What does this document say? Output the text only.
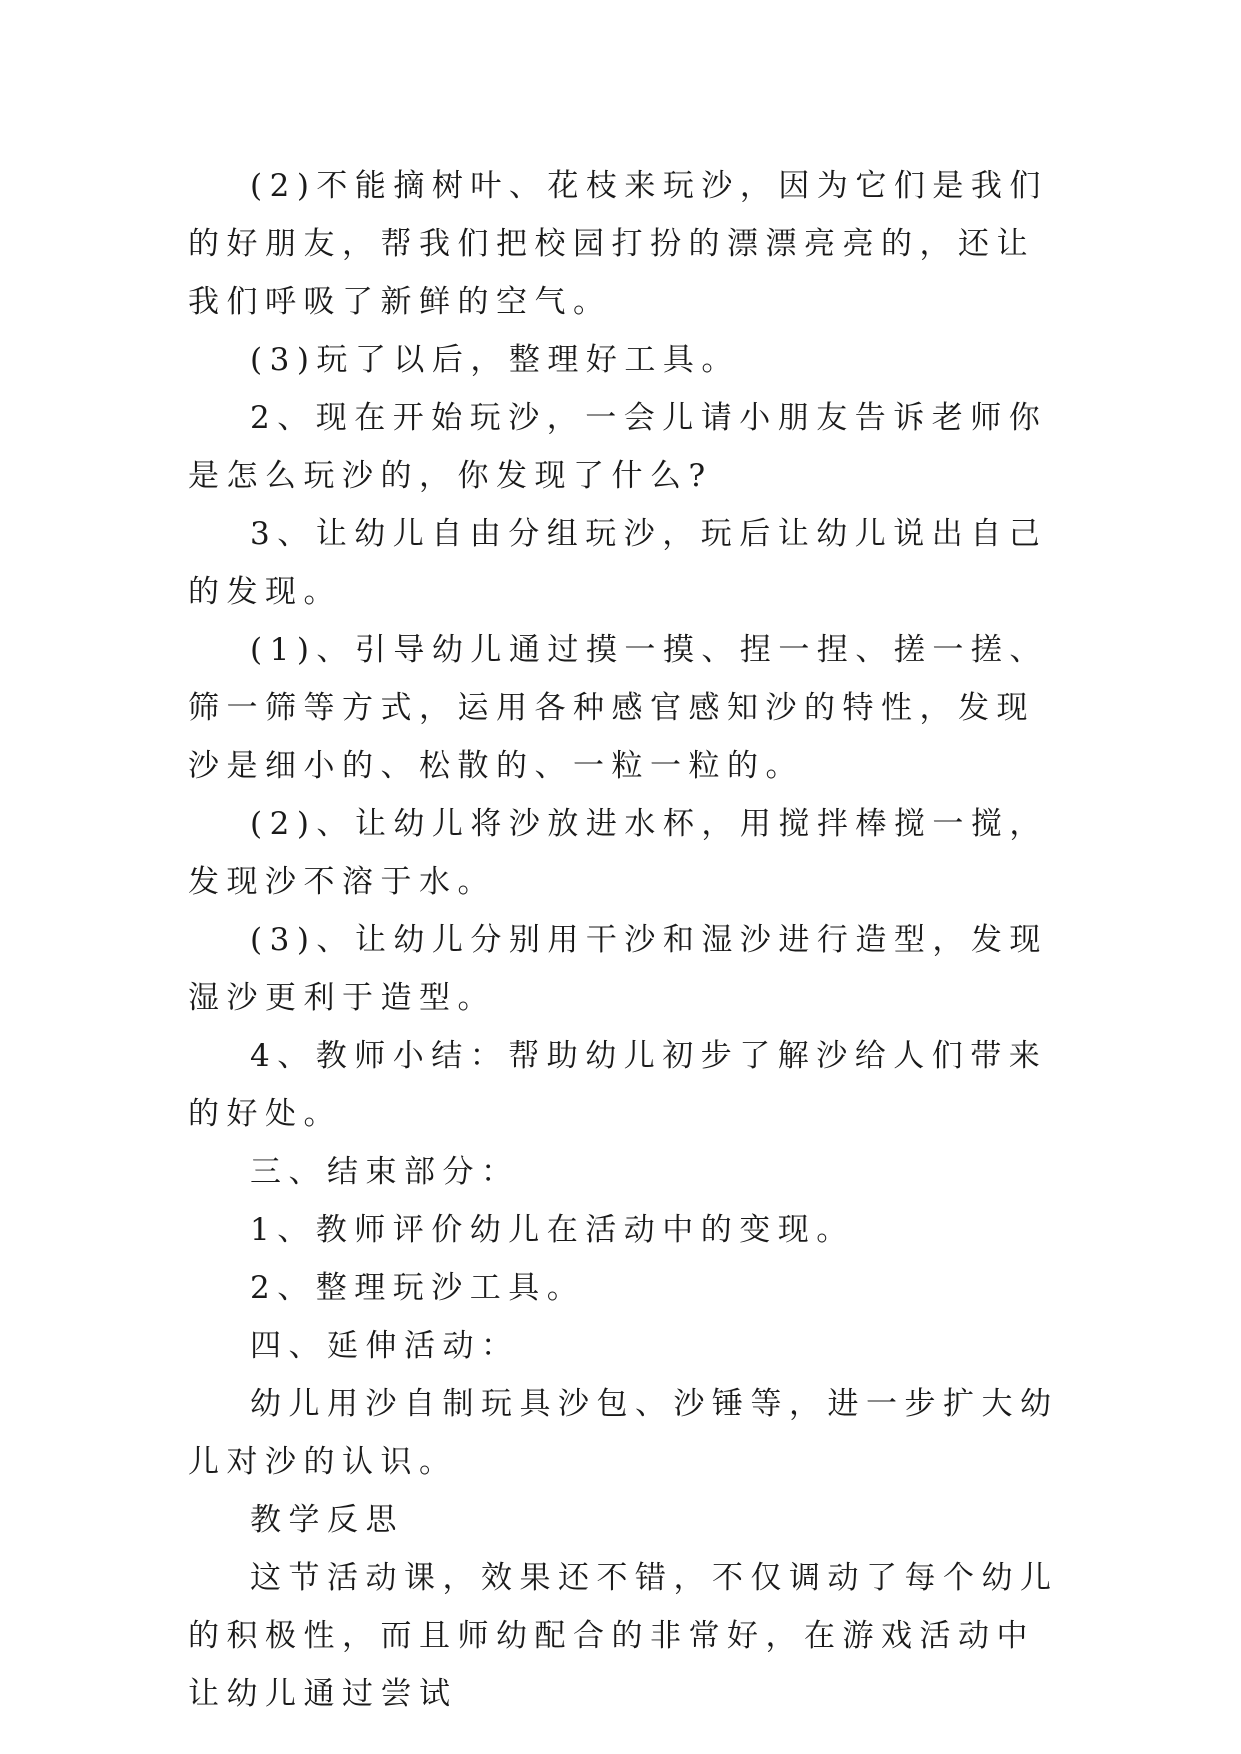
(2)不能摘树叶、花枝来玩沙，因为它们是我们的好朋友，帮我们把校园打扮的漂漂亮亮的，还让我们呼吸了新鲜的空气。

(3)玩了以后，整理好工具。

2、现在开始玩沙，一会儿请小朋友告诉老师你是怎么玩沙的，你发现了什么?

3、让幼儿自由分组玩沙，玩后让幼儿说出自己的发现。

(1)、引导幼儿通过摸一摸、捏一捏、搓一搓、筛一筛等方式，运用各种感官感知沙的特性，发现沙是细小的、松散的、一粒一粒的。

(2)、让幼儿将沙放进水杯，用搅拌棒搅一搅，发现沙不溶于水。

(3)、让幼儿分别用干沙和湿沙进行造型，发现湿沙更利于造型。

4、教师小结：帮助幼儿初步了解沙给人们带来的好处。

三、结束部分：

1、教师评价幼儿在活动中的变现。

2、整理玩沙工具。

四、延伸活动：

幼儿用沙自制玩具沙包、沙锤等，进一步扩大幼儿对沙的认识。

教学反思

这节活动课，效果还不错，不仅调动了每个幼儿的积极性，而且师幼配合的非常好，在游戏活动中让幼儿通过尝试
